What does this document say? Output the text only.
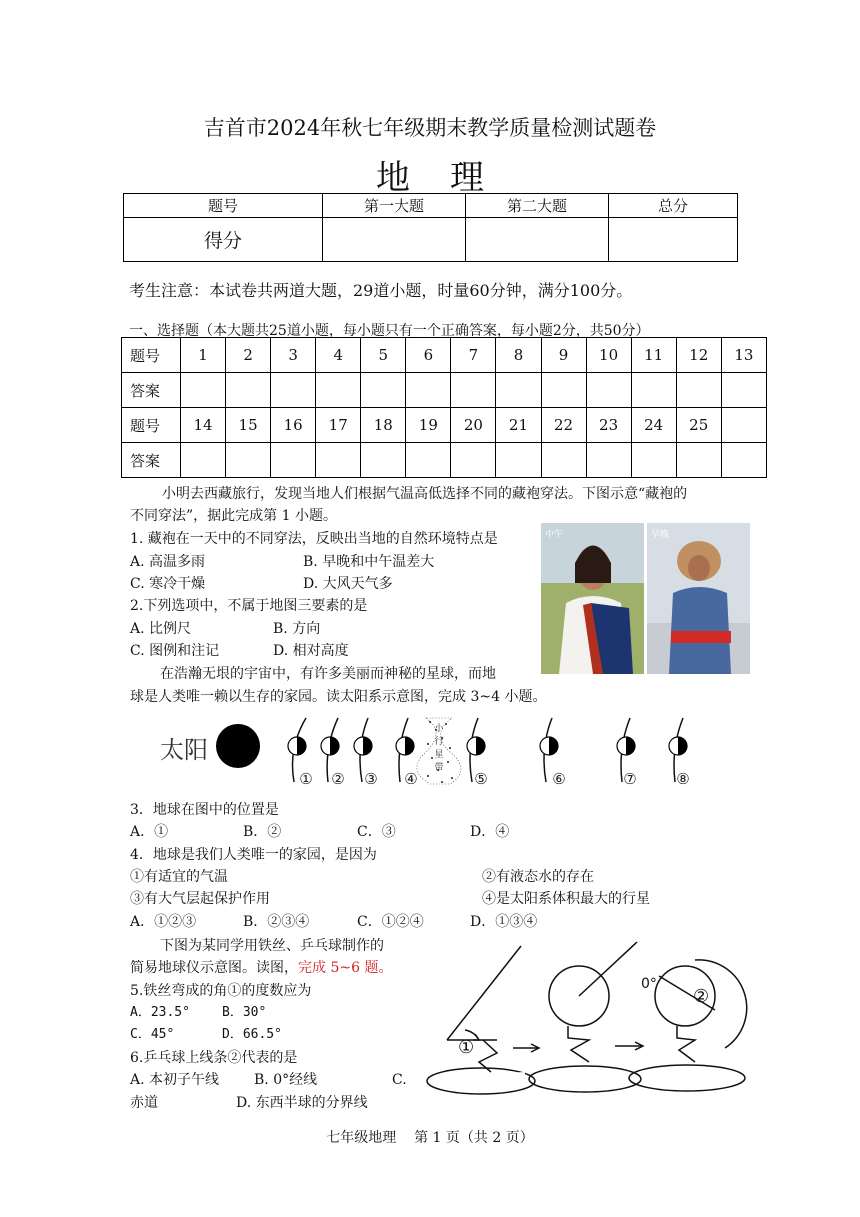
吉首市2024年秋七年级期末教学质量检测试题卷
地理
题号	第一大题	第二大题	总分
得分			
考生注意：本试卷共两道大题，29道小题，时量60分钟，满分100分。
一、选择题（本大题共25道小题，每小题只有一个正确答案，每小题2分，共50分）
题号	1	2	3	4	5	6	7	8	9	10	11	12	13
答案													
题号	14	15	16	17	18	19	20	21	22	23	24	25	
答案													
小明去西藏旅行，发现当地人们根据气温高低选择不同的藏袍穿法。下图示意“藏袍的
不同穿法”，据此完成第 1 小题。
1. 藏袍在一天中的不同穿法，反映出当地的自然环境特点是
A. 高温多雨	B. 早晚和中午温差大
C. 寒冷干燥	D. 大风天气多
2.下列选项中，不属于地图三要素的是
A. 比例尺	B. 方向
C. 图例和注记	D. 相对高度
中午	早晚
在浩瀚无垠的宇宙中，有许多美丽而神秘的星球，而地
球是人类唯一赖以生存的家园。读太阳系示意图，完成 3~4 小题。
太阳
小
行
星
带
① ② ③ ④	⑤	⑥	⑦	⑧
3．地球在图中的位置是
A．①	B．②	C．③	D．④
4．地球是我们人类唯一的家园，是因为
①有适宜的气温	②有液态水的存在
③有大气层起保护作用	④是太阳系体积最大的行星
A．①②③	B．②③④	C．①②④	D．①③④
下图为某同学用铁丝、乒乓球制作的
简易地球仪示意图。读图，完成 5~6 题。
①
②
0°
5.铁丝弯成的角①的度数应为
A．23.5° B．30°
C．45°	D．66.5°
6.乒乓球上线条②代表的是
A. 本初子午线 B. 0°经线	C.
赤道	D. 东西半球的分界线
七年级地理    第 1 页（共 2 页）
